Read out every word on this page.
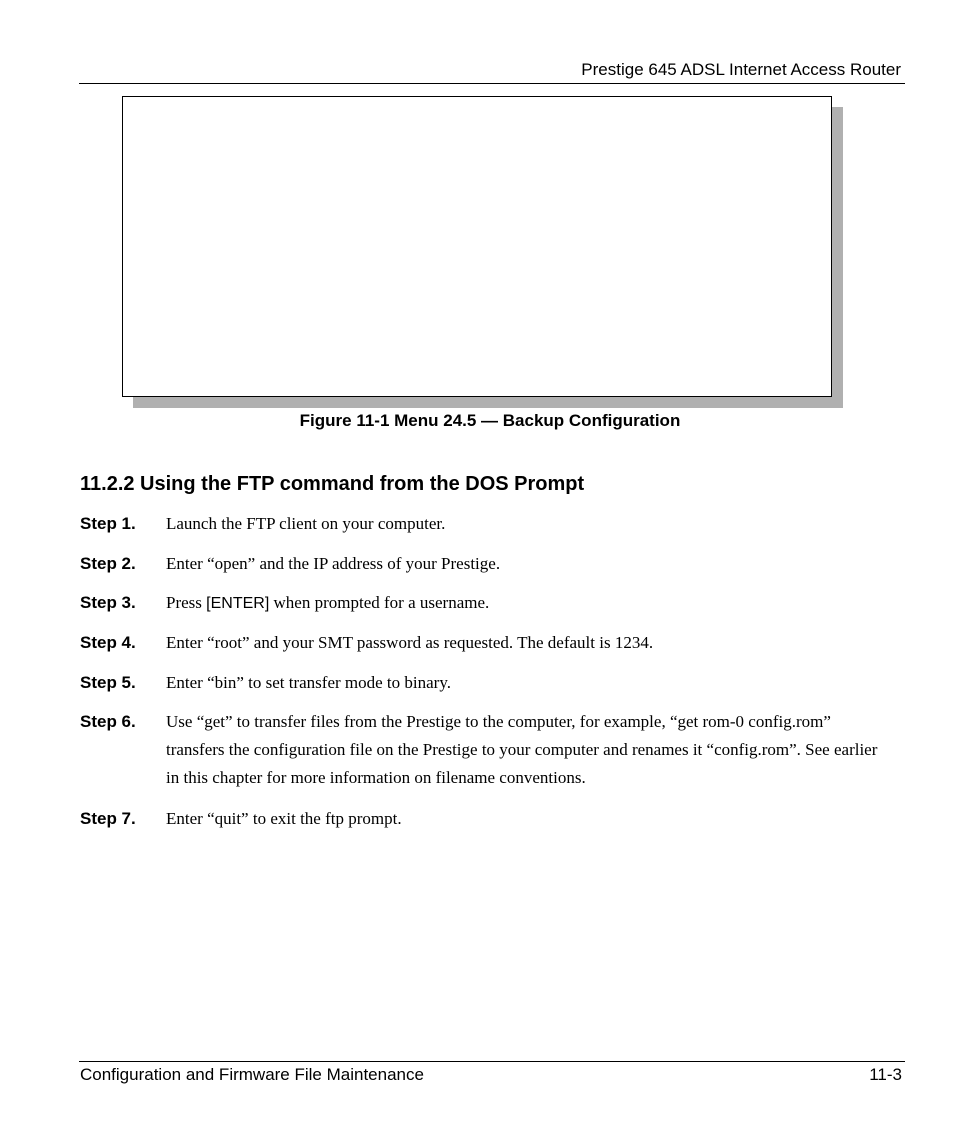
Prestige 645 ADSL Internet Access Router
Figure 11-1 Menu 24.5 — Backup Configuration
11.2.2 Using the FTP command from the DOS Prompt
Step 1. Launch the FTP client on your computer.
Step 2. Enter “open” and the IP address of your Prestige.
Step 3. Press [ENTER] when prompted for a username.
Step 4. Enter “root” and your SMT password as requested. The default is 1234.
Step 5. Enter “bin” to set transfer mode to binary.
Step 6. Use “get” to transfer files from the Prestige to the computer, for example, “get rom-0 config.rom” transfers the configuration file on the Prestige to your computer and renames it “config.rom”. See earlier in this chapter for more information on filename conventions.
Step 7. Enter “quit” to exit the ftp prompt.
Configuration and Firmware File Maintenance	11-3
